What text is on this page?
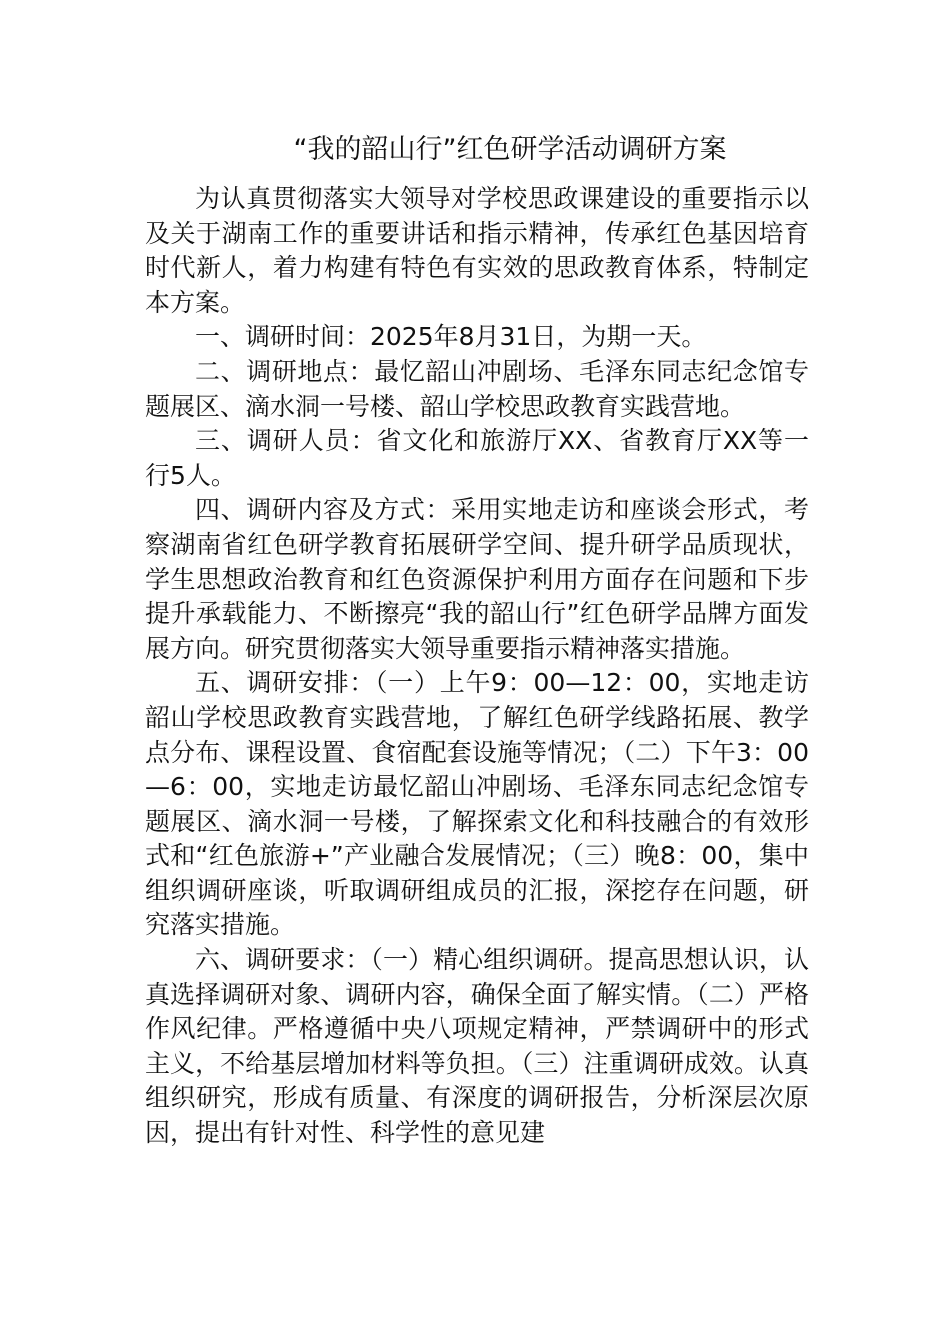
“我的韶山行”红色研学活动调研方案

为认真贯彻落实大领导对学校思政课建设的重要指示以及关于湖南工作的重要讲话和指示精神，传承红色基因培育时代新人，着力构建有特色有实效的思政教育体系，特制定本方案。

一、调研时间：2025年8月31日，为期一天。

二、调研地点：最忆韶山冲剧场、毛泽东同志纪念馆专题展区、滴水洞一号楼、韶山学校思政教育实践营地。

三、调研人员：省文化和旅游厅XX、省教育厅XX等一行5人。

四、调研内容及方式：采用实地走访和座谈会形式，考察湖南省红色研学教育拓展研学空间、提升研学品质现状，学生思想政治教育和红色资源保护利用方面存在问题和下步提升承载能力、不断擦亮“我的韶山行”红色研学品牌方面发展方向。研究贯彻落实大领导重要指示精神落实措施。

五、调研安排：（一）上午9：00—12：00，实地走访韶山学校思政教育实践营地，了解红色研学线路拓展、教学点分布、课程设置、食宿配套设施等情况；（二）下午3：00—6：00，实地走访最忆韶山冲剧场、毛泽东同志纪念馆专题展区、滴水洞一号楼，了解探索文化和科技融合的有效形式和“红色旅游+”产业融合发展情况；（三）晚8：00，集中组织调研座谈，听取调研组成员的汇报，深挖存在问题，研究落实措施。

六、调研要求：（一）精心组织调研。提高思想认识，认真选择调研对象、调研内容，确保全面了解实情。（二）严格作风纪律。严格遵循中央八项规定精神，严禁调研中的形式主义，不给基层增加材料等负担。（三）注重调研成效。认真组织研究，形成有质量、有深度的调研报告，分析深层次原因，提出有针对性、科学性的意见建
